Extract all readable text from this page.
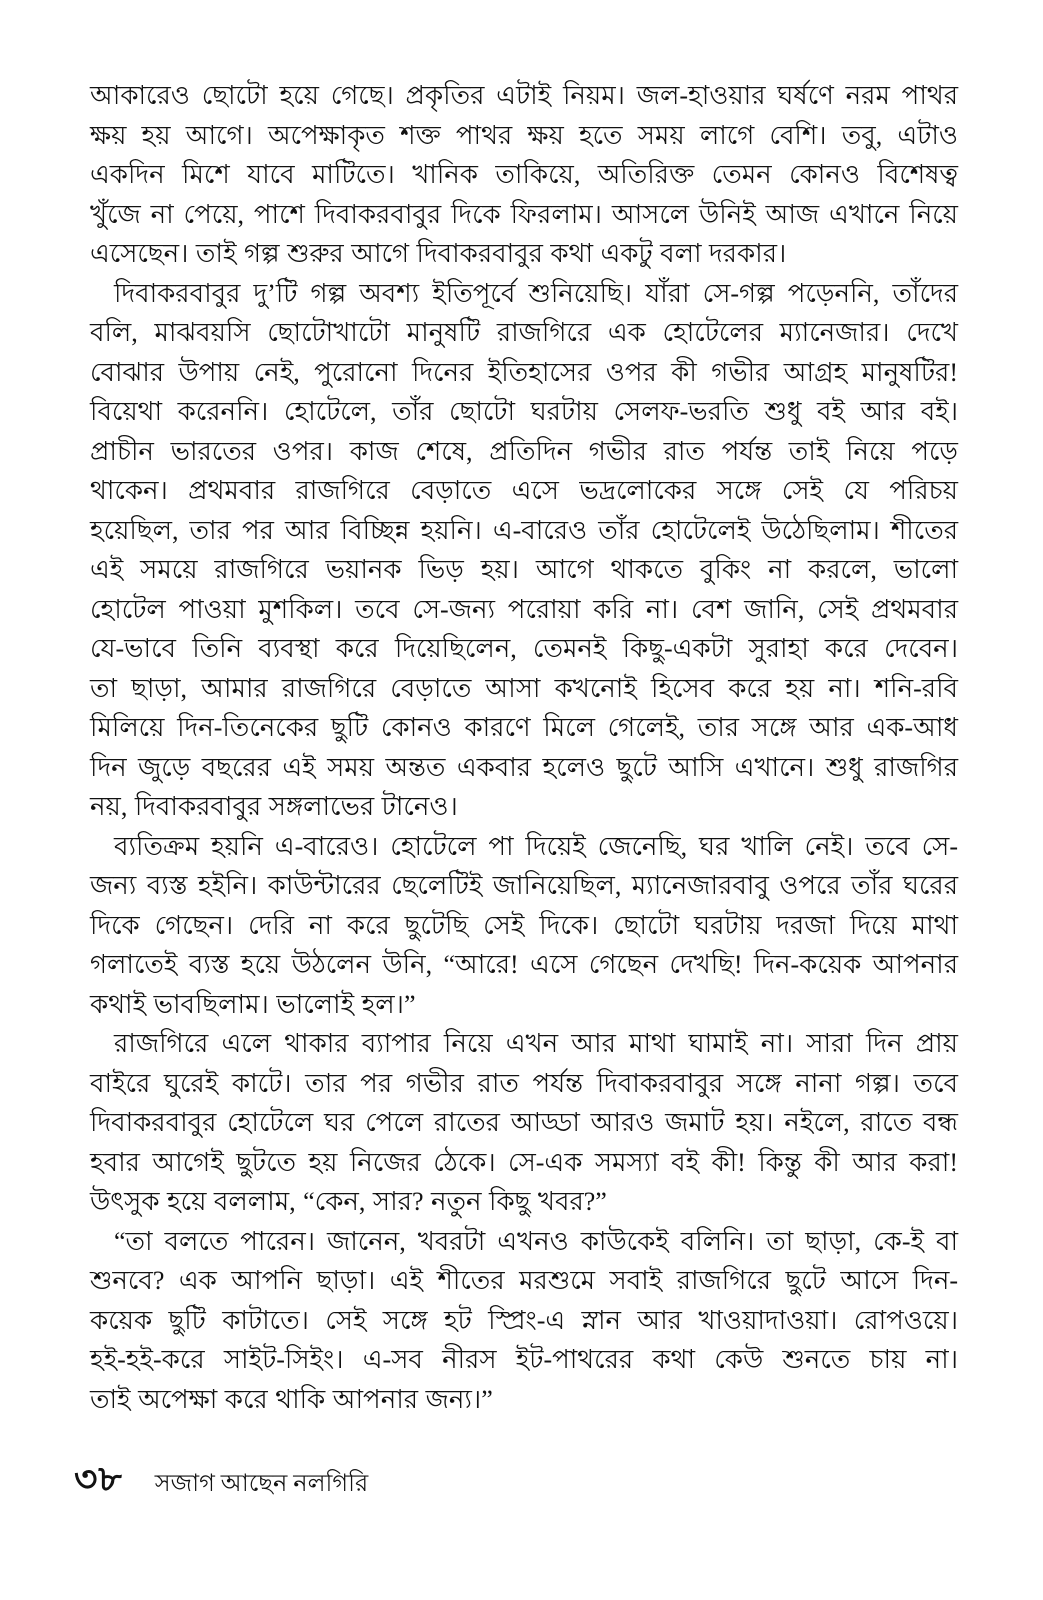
আকারেও ছোটো হয়ে গেছে। প্রকৃতির এটাই নিয়ম। জল-হাওয়ার ঘর্ষণে নরম পাথর
ক্ষয় হয় আগে। অপেক্ষাকৃত শক্ত পাথর ক্ষয় হতে সময় লাগে বেশি। তবু, এটাও
একদিন মিশে যাবে মাটিতে। খানিক তাকিয়ে, অতিরিক্ত তেমন কোনও বিশেষত্ব
খুঁজে না পেয়ে, পাশে দিবাকরবাবুর দিকে ফিরলাম। আসলে উনিই আজ এখানে নিয়ে
এসেছেন। তাই গল্প শুরুর আগে দিবাকরবাবুর কথা একটু বলা দরকার।
দিবাকরবাবুর দু’টি গল্প অবশ্য ইতিপূর্বে শুনিয়েছি। যাঁরা সে-গল্প পড়েননি, তাঁদের
বলি, মাঝবয়সি ছোটোখাটো মানুষটি রাজগিরে এক হোটেলের ম্যানেজার। দেখে
বোঝার উপায় নেই, পুরোনো দিনের ইতিহাসের ওপর কী গভীর আগ্রহ মানুষটির!
বিয়েথা করেননি। হোটেলে, তাঁর ছোটো ঘরটায় সেলফ-ভরতি শুধু বই আর বই।
প্রাচীন ভারতের ওপর। কাজ শেষে, প্রতিদিন গভীর রাত পর্যন্ত তাই নিয়ে পড়ে
থাকেন। প্রথমবার রাজগিরে বেড়াতে এসে ভদ্রলোকের সঙ্গে সেই যে পরিচয়
হয়েছিল, তার পর আর বিচ্ছিন্ন হয়নি। এ-বারেও তাঁর হোটেলেই উঠেছিলাম। শীতের
এই সময়ে রাজগিরে ভয়ানক ভিড় হয়। আগে থাকতে বুকিং না করলে, ভালো
হোটেল পাওয়া মুশকিল। তবে সে-জন্য পরোয়া করি না। বেশ জানি, সেই প্রথমবার
যে-ভাবে তিনি ব্যবস্থা করে দিয়েছিলেন, তেমনই কিছু-একটা সুরাহা করে দেবেন।
তা ছাড়া, আমার রাজগিরে বেড়াতে আসা কখনোই হিসেব করে হয় না। শনি-রবি
মিলিয়ে দিন-তিনেকের ছুটি কোনও কারণে মিলে গেলেই, তার সঙ্গে আর এক-আধ
দিন জুড়ে বছরের এই সময় অন্তত একবার হলেও ছুটে আসি এখানে। শুধু রাজগির
নয়, দিবাকরবাবুর সঙ্গলাভের টানেও।
ব্যতিক্রম হয়নি এ-বারেও। হোটেলে পা দিয়েই জেনেছি, ঘর খালি নেই। তবে সে-
জন্য ব্যস্ত হইনি। কাউন্টারের ছেলেটিই জানিয়েছিল, ম্যানেজারবাবু ওপরে তাঁর ঘরের
দিকে গেছেন। দেরি না করে ছুটেছি সেই দিকে। ছোটো ঘরটায় দরজা দিয়ে মাথা
গলাতেই ব্যস্ত হয়ে উঠলেন উনি, “আরে! এসে গেছেন দেখছি! দিন-কয়েক আপনার
কথাই ভাবছিলাম। ভালোই হল।”
রাজগিরে এলে থাকার ব্যাপার নিয়ে এখন আর মাথা ঘামাই না। সারা দিন প্রায়
বাইরে ঘুরেই কাটে। তার পর গভীর রাত পর্যন্ত দিবাকরবাবুর সঙ্গে নানা গল্প। তবে
দিবাকরবাবুর হোটেলে ঘর পেলে রাতের আড্ডা আরও জমাট হয়। নইলে, রাতে বন্ধ
হবার আগেই ছুটতে হয় নিজের ঠেকে। সে-এক সমস্যা বই কী! কিন্তু কী আর করা!
উৎসুক হয়ে বললাম, “কেন, সার? নতুন কিছু খবর?”
“তা বলতে পারেন। জানেন, খবরটা এখনও কাউকেই বলিনি। তা ছাড়া, কে-ই বা
শুনবে? এক আপনি ছাড়া। এই শীতের মরশুমে সবাই রাজগিরে ছুটে আসে দিন-
কয়েক ছুটি কাটাতে। সেই সঙ্গে হট স্প্রিং-এ স্নান আর খাওয়াদাওয়া। রোপওয়ে।
হই-হই-করে সাইট-সিইং। এ-সব নীরস ইট-পাথরের কথা কেউ শুনতে চায় না।
তাই অপেক্ষা করে থাকি আপনার জন্য।”
৩৮ সজাগ আছেন নলগিরি
